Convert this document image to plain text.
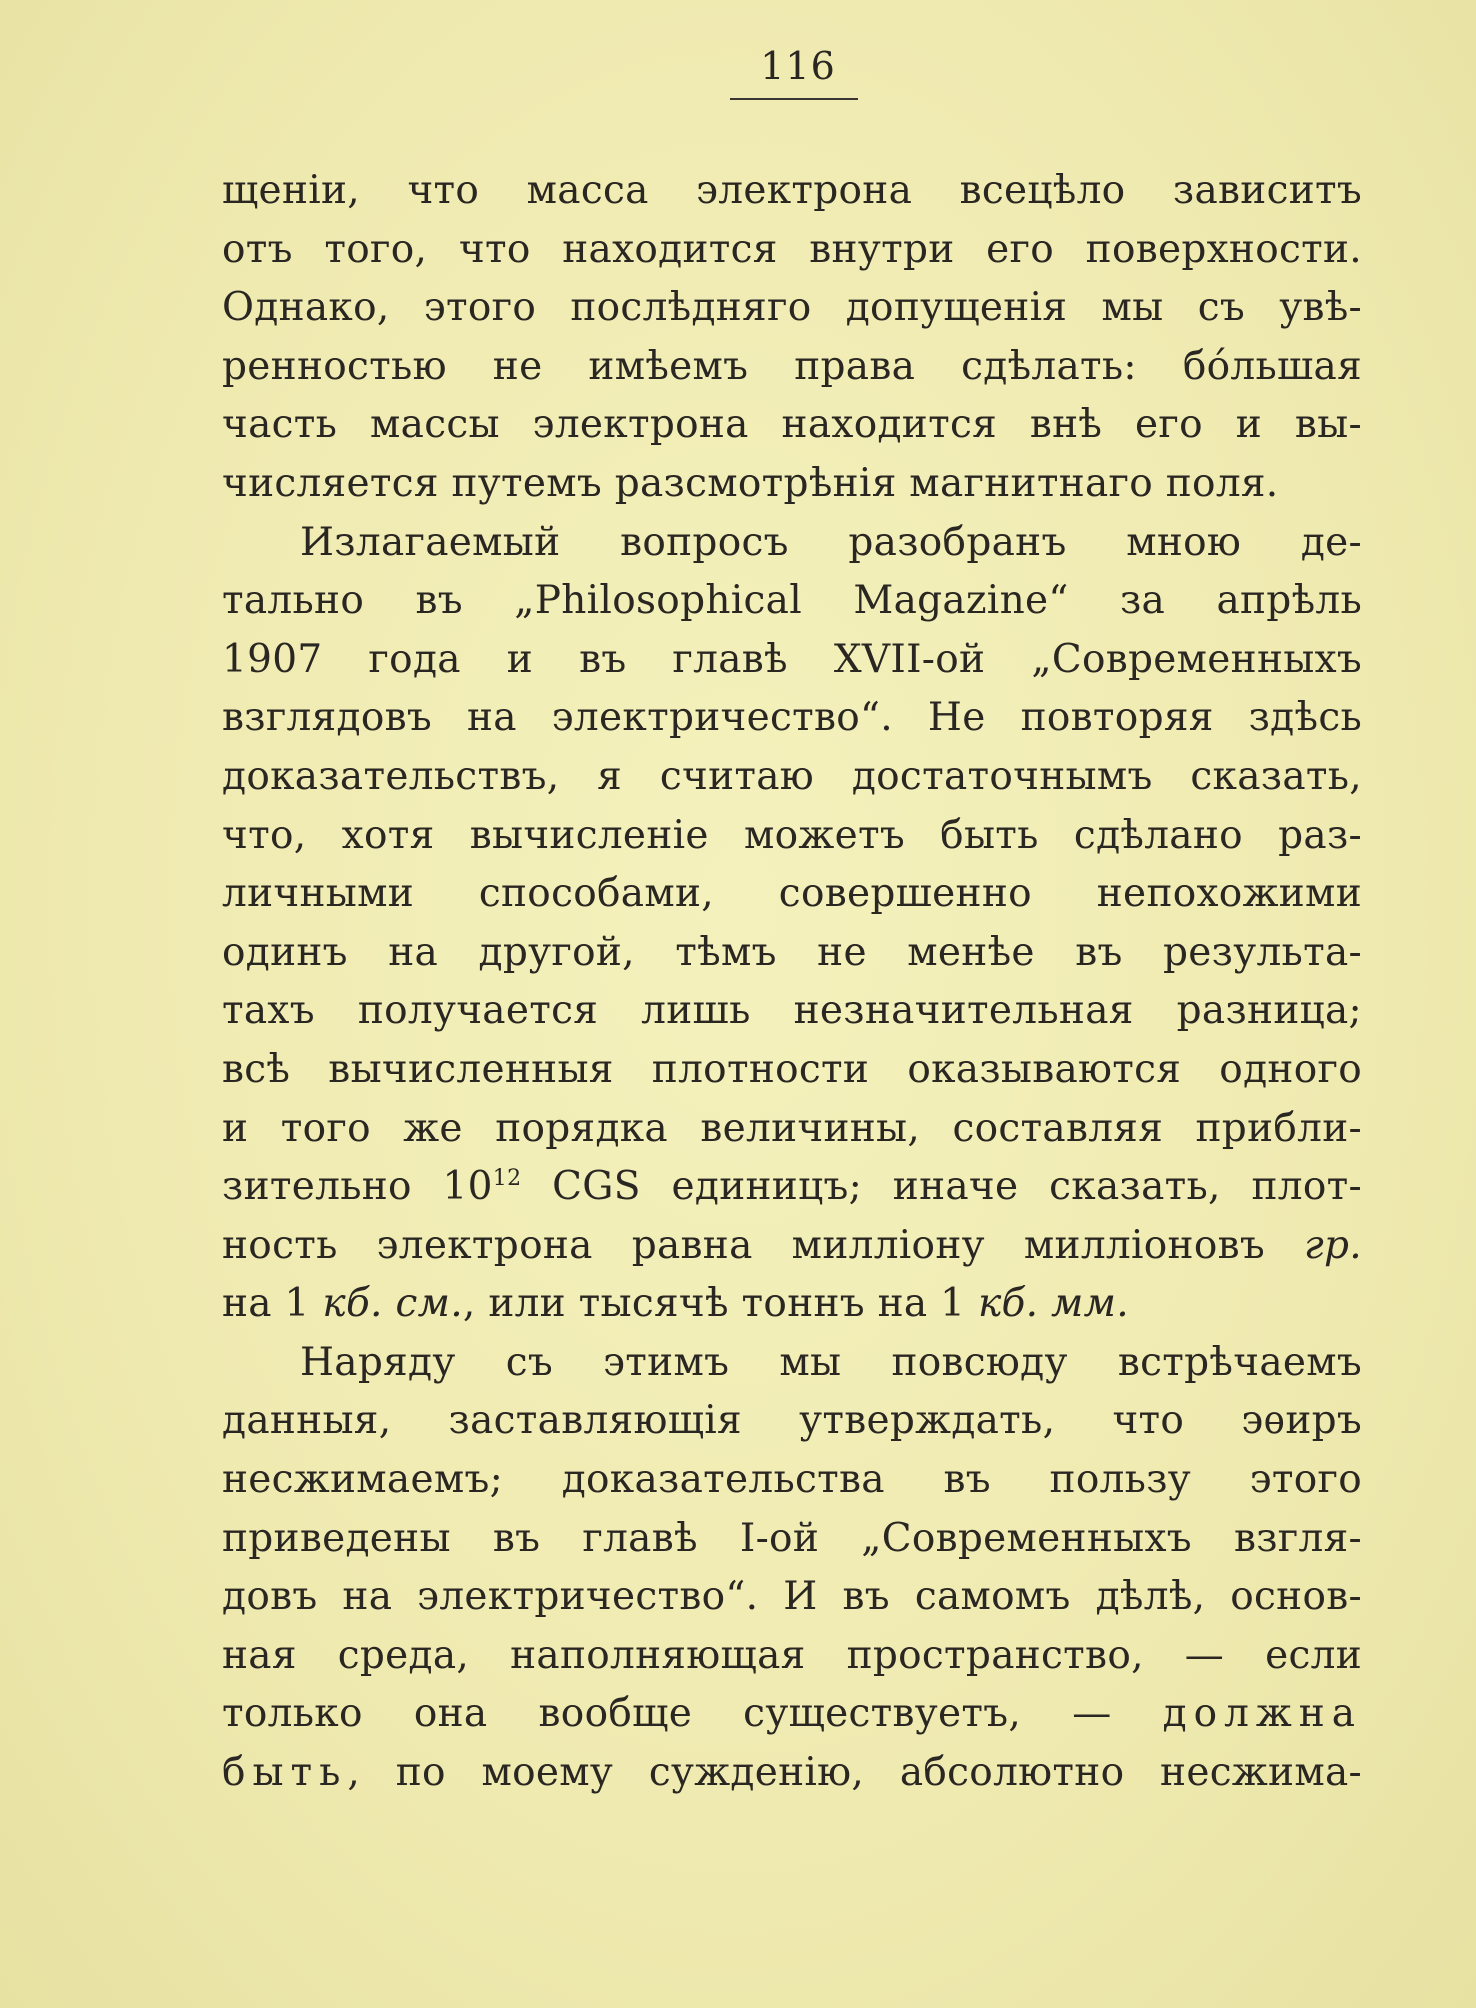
116
щеніи, что масса электрона всецѣло зависитъ
отъ того, что находится внутри его поверхности.
Однако, этого послѣдняго допущенія мы съ увѣ-
ренностью не имѣемъ права сдѣлать: бóльшая
часть массы электрона находится внѣ его и вы-
числяется путемъ разсмотрѣнія магнитнаго поля.
Излагаемый вопросъ разобранъ мною де-
тально въ „Philosophical Magazine“ за апрѣль
1907 года и въ главѣ XVII-ой „Современныхъ
взглядовъ на электричество“. Не повторяя здѣсь
доказательствъ, я считаю достаточнымъ сказать,
что, хотя вычисленіе можетъ быть сдѣлано раз-
личными способами, совершенно непохожими
одинъ на другой, тѣмъ не менѣе въ результа-
тахъ получается лишь незначительная разница;
всѣ вычисленныя плотности оказываются одного
и того же порядка величины, составляя прибли-
зительно $10^{12}$ CGS единицъ; иначе сказать, плот-
ность электрона равна милліону милліоновъ гр.
на 1 кб. см., или тысячѣ тоннъ на 1 кб. мм.
Наряду съ этимъ мы повсюду встрѣчаемъ
данныя, заставляющія утверждать, что эѳиръ
несжимаемъ; доказательства въ пользу этого
приведены въ главѣ I-ой „Современныхъ взгля-
довъ на электричество“. И въ самомъ дѣлѣ, основ-
ная среда, наполняющая пространство, — если
только она вообще существуетъ, — должна
быть, по моему сужденію, абсолютно несжима-
